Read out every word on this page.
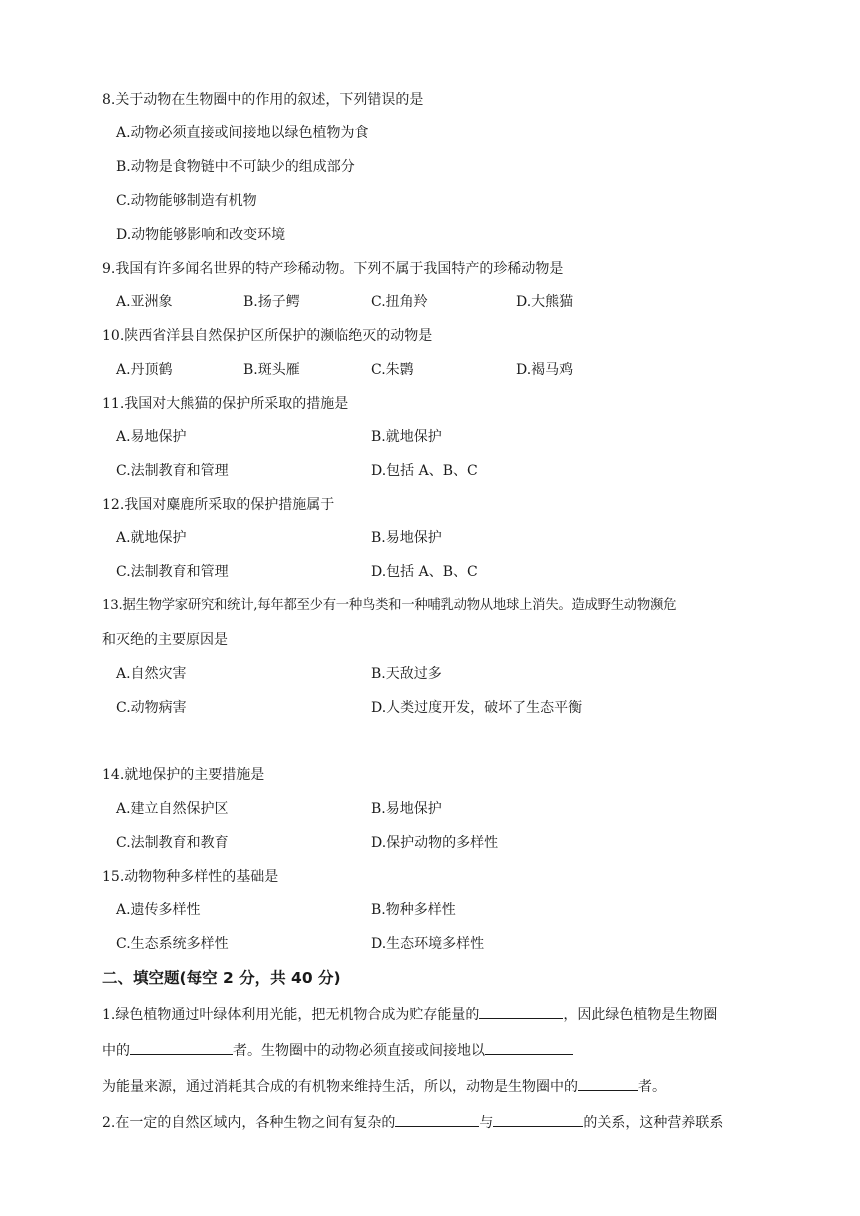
8.关于动物在生物圈中的作用的叙述，下列错误的是
A.动物必须直接或间接地以绿色植物为食
B.动物是食物链中不可缺少的组成部分
C.动物能够制造有机物
D.动物能够影响和改变环境
9.我国有许多闻名世界的特产珍稀动物。下列不属于我国特产的珍稀动物是
A.亚洲象	B.扬子鳄	C.扭角羚	D.大熊猫
10.陕西省洋县自然保护区所保护的濒临绝灭的动物是
A.丹顶鹤	B.斑头雁	C.朱鹮	D.褐马鸡
11.我国对大熊猫的保护所采取的措施是
A.易地保护	B.就地保护
C.法制教育和管理	D.包括 A、B、C
12.我国对麋鹿所采取的保护措施属于
A.就地保护	B.易地保护
C.法制教育和管理	D.包括 A、B、C
13.据生物学家研究和统计,每年都至少有一种鸟类和一种哺乳动物从地球上消失。造成野生动物濒危
和灭绝的主要原因是
A.自然灾害	B.天敌过多
C.动物病害	D.人类过度开发，破坏了生态平衡
14.就地保护的主要措施是
A.建立自然保护区	B.易地保护
C.法制教育和教育	D.保护动物的多样性
15.动物物种多样性的基础是
A.遗传多样性	B.物种多样性
C.生态系统多样性	D.生态环境多样性
二、填空题(每空 2 分，共 40 分)
1.绿色植物通过叶绿体利用光能，把无机物合成为贮存能量的	，因此绿色植物是生物圈
中的	者。生物圈中的动物必须直接或间接地以
为能量来源，通过消耗其合成的有机物来维持生活，所以，动物是生物圈中的	者。
2.在一定的自然区域内，各种生物之间有复杂的	与	的关系，这种营养联系
